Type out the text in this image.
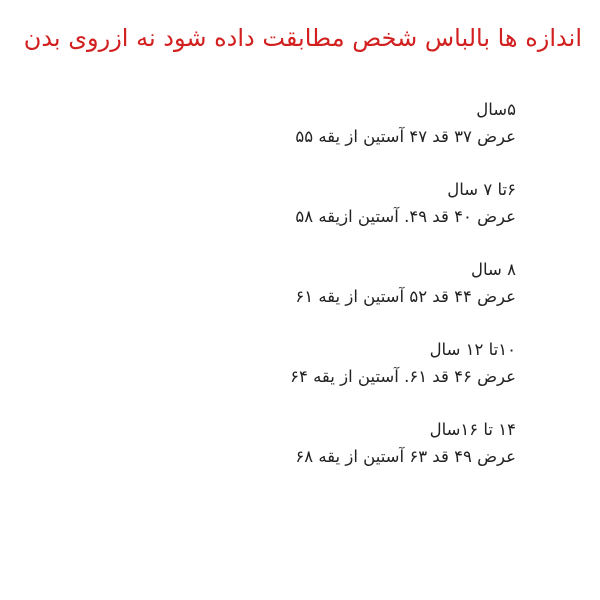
اندازه ها بالباس شخص مطابقت داده شود نه ازروی بدن
۵سال
عرض ۳۷ قد ۴۷ آستین از یقه ۵۵
۶تا ۷ سال
عرض ۴۰ قد ۴۹. آستین ازیقه ۵۸
۸ سال
عرض ۴۴ قد ۵۲ آستین از یقه ۶۱
۱۰تا ۱۲ سال
عرض ۴۶ قد ۶۱. آستین از یقه ۶۴
۱۴ تا ۱۶سال
عرض ۴۹ قد ۶۳ آستین از یقه ۶۸
